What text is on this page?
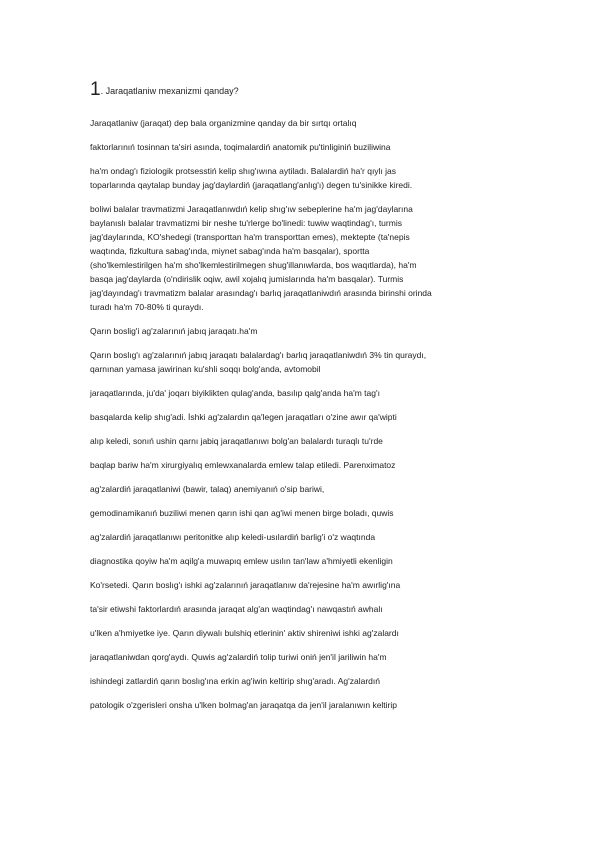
1. Jaraqatlaniw mexanizmi qanday?
Jaraqatlaniw (jaraqat) dep bala organizmine qanday da bir sırtqı ortalıq
faktorlarınıń tosinnan ta'siri asında, toqimalardiń anatomik pu'tinliginiń buziliwina
ha'm ondag'ı fiziologik protsesstiń kelip shıg'ıwına aytiladı. Balalardiń ha'r qıylı jas
toparlarında qaytalap bunday jag'daylardiń (jaraqatlang'anlıg'ı) degen tu'sinikke kiredi.
boliwi balalar travmatizmi Jaraqatlanıwdıń kelip shıg'ıw sebeplerine ha'm jag'daylarına
baylanıslı balalar travmatizmi bir neshe tu'rlerge bo'linedi: tuwiw waqtindag'ı, turmis
jag'daylarında, KO'shedegi (transporttan ha'm transporttan emes), mektepte (ta'nepis
waqtında, fizkultura sabag'ında, miynet sabag'ında ha'm basqalar), sportta
(sho'lkemlestirilgen ha'm sho'lkemlestirilmegen shug'illanıwlarda, bos waqıtlarda), ha'm
basqa jag'daylarda (o'ndirislik oqiw, awil xojalıq jumislarında ha'm basqalar). Turmis
jag'dayındag'ı travmatizm balalar arasındag'ı barlıq jaraqatlaniwdıń arasında birinshi orinda
turadı ha'm 70-80% ti quraydı.
Qarın boslig'i ag'zalarınıń jabıq jaraqatı.ha'm
Qarın boslıg'ı ag'zalarınıń jabıq jaraqatı balalardag'ı barlıq jaraqatlaniwdıń 3% tin quraydı,
qarnınan yamasa jawirinan ku'shli soqqı bolg'anda, avtomobil
jaraqatlarında, ju'da' joqarı biyiklikten qulag'anda, basılıp qalg'anda ha'm tag'ı
basqalarda kelip shıg'adi. İshki ag'zalardın qa'legen jaraqatları o'zine awır qa'wipti
alıp keledi, sonıń ushin qarnı jabiq jaraqatlanıwı bolg'an balalardı turaqlı tu'rde
baqlap bariw ha'm xirurgiyalıq emlewxanalarda emlew talap etiledi. Parenximatoz
ag'zalardiń jaraqatlaniwi (bawir, talaq) anemiyanıń o'sip bariwi,
gemodinamikanıń buziliwi menen qarın ishi qan ag'iwi menen birge boladı, quwis
ag'zalardiń jaraqatlanıwı peritonitke alıp keledi-usılardiń barlig'i o'z waqtında
diagnostika qoyiw ha'm aqilg'a muwapıq emlew usılın tan'law a'hmiyetli ekenligin
Ko'rsetedi. Qarın boslıg'ı ishki ag'zalarınıń jaraqatlanıw da'rejesine ha'm awırlig'ına
ta'sir etiwshi faktorlardıń arasında jaraqat alg'an waqtindag'ı nawqastıń awhalı
u'lken a'hmiyetke iye. Qarın diywalı bulshiq etlerinin' aktiv shireniwi ishki ag'zalardı
jaraqatlaniwdan qorg'aydı. Quwis ag'zalardiń tolip turiwi oniń jen'il jariliwin ha'm
ishindegi zatlardiń qarın boslıg'ına erkin ag'iwin keltirip shıg'aradı. Ag'zalardıń
patologik o'zgerisleri onsha u'lken bolmag'an jaraqatqa da jen'il jaralanıwın keltirip
